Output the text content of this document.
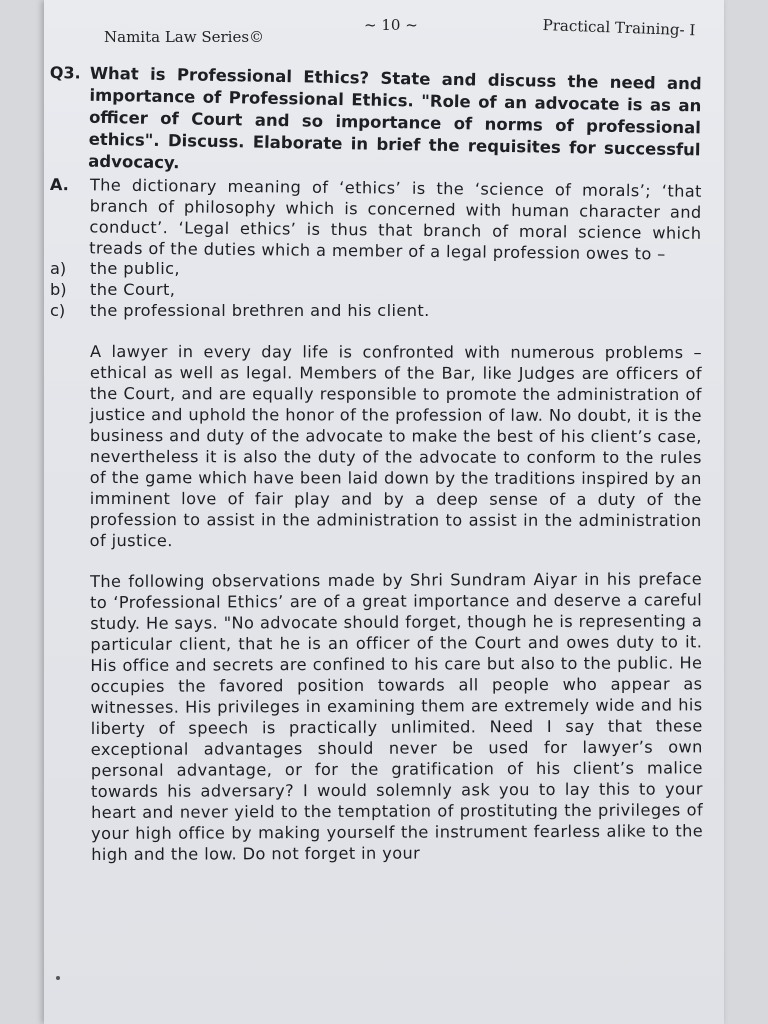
Namita Law Series©
~ 10 ~	Practical Training- I
Q3. What is Professional Ethics? State and discuss the need and importance of Professional Ethics. "Role of an advocate is as an officer of Court and so importance of norms of professional ethics". Discuss. Elaborate in brief the requisites for successful advocacy.
A.	The dictionary meaning of ‘ethics’ is the ‘science of morals’; ‘that branch of philosophy which is concerned with human character and conduct’. ‘Legal ethics’ is thus that branch of moral science which treads of the duties which a member of a legal profession owes to –
a)	the public,
b)	the Court,
c)	the professional brethren and his client.
A lawyer in every day life is confronted with numerous problems – ethical as well as legal. Members of the Bar, like Judges are officers of the Court, and are equally responsible to promote the administration of justice and uphold the honor of the profession of law. No doubt, it is the business and duty of the advocate to make the best of his client’s case, nevertheless it is also the duty of the advocate to conform to the rules of the game which have been laid down by the traditions inspired by an imminent love of fair play and by a deep sense of a duty of the profession to assist in the administration to assist in the administration of justice.
The following observations made by Shri Sundram Aiyar in his preface to ‘Professional Ethics’ are of a great importance and deserve a careful study. He says. "No advocate should forget, though he is representing a particular client, that he is an officer of the Court and owes duty to it. His office and secrets are confined to his care but also to the public. He occupies the favored position towards all people who appear as witnesses. His privileges in examining them are extremely wide and his liberty of speech is practically unlimited. Need I say that these exceptional advantages should never be used for lawyer’s own personal advantage, or for the gratification of his client’s malice towards his adversary? I would solemnly ask you to lay this to your heart and never yield to the temptation of prostituting the privileges of your high office by making yourself the instrument fearless alike to the high and the low. Do not forget in your
